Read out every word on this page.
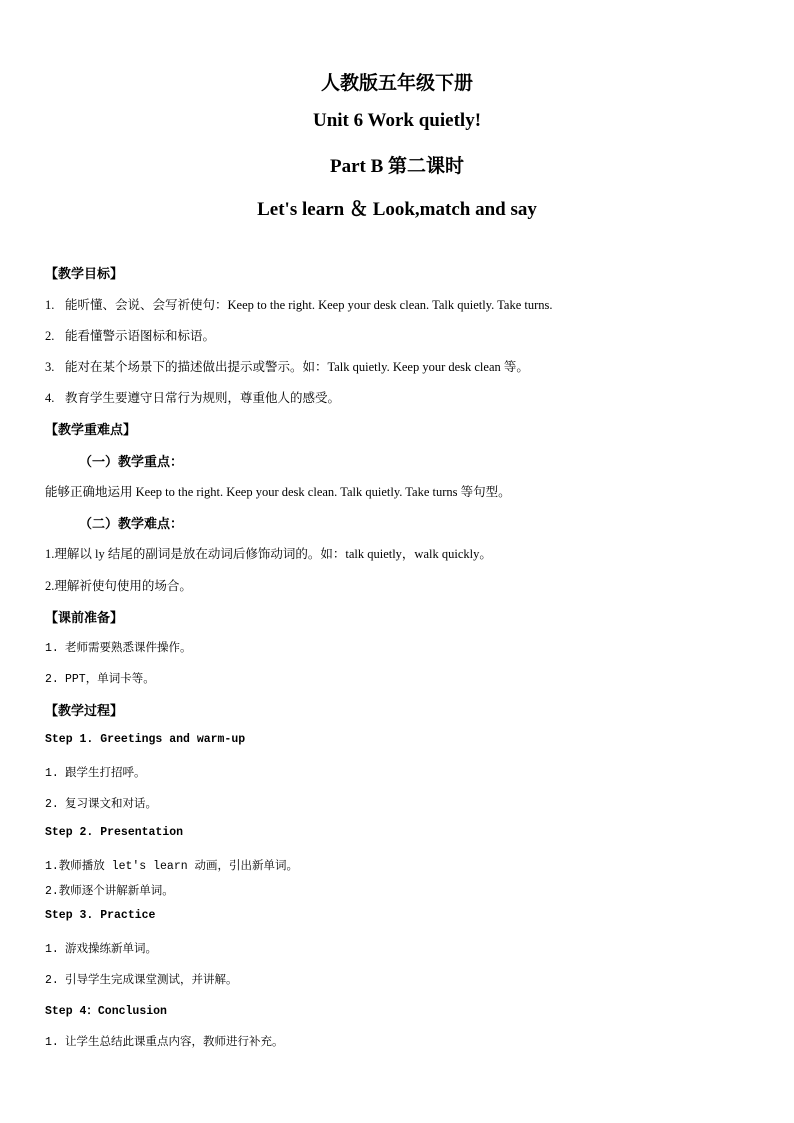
人教版五年级下册
Unit 6 Work quietly!
Part B 第二课时
Let's learn ＆ Look,match and say
【教学目标】
1. 能听懂、会说、会写祈使句：Keep to the right. Keep your desk clean. Talk quietly. Take turns.
2. 能看懂警示语图标和标语。
3. 能对在某个场景下的描述做出提示或警示。如：Talk quietly. Keep your desk clean 等。
4. 教育学生要遵守日常行为规则，尊重他人的感受。
【教学重难点】
（一）教学重点：
能够正确地运用 Keep to the right. Keep your desk clean. Talk quietly. Take turns 等句型。
（二）教学难点：
1.理解以 ly 结尾的副词是放在动词后修饰动词的。如：talk quietly，walk quickly。
2.理解祈使句使用的场合。
【课前准备】
1. 老师需要熟悉课件操作。
2. PPT，单词卡等。
【教学过程】
Step 1. Greetings and warm-up
1. 跟学生打招呼。
2. 复习课文和对话。
Step 2. Presentation
1.教师播放 let's learn 动画，引出新单词。
2.教师逐个讲解新单词。
Step 3. Practice
1. 游戏操练新单词。
2. 引导学生完成课堂测试，并讲解。
Step 4：Conclusion
1. 让学生总结此课重点内容，教师进行补充。
